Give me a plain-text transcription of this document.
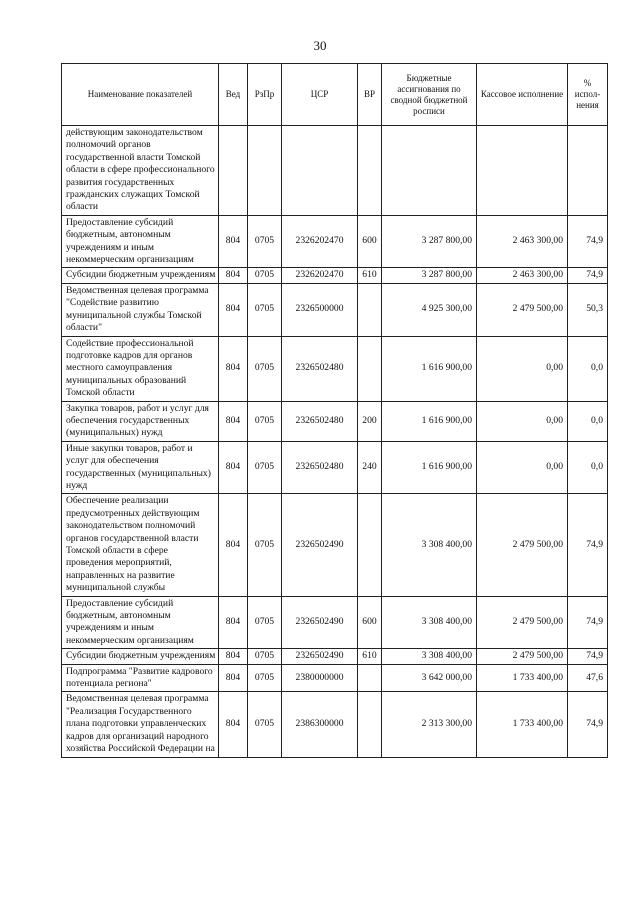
30
Наименование показателей	Вед	РзПр	ЦСР	ВР	Бюджетные ассигнования по сводной бюджетной росписи	Кассовое исполнение	% испол-нения
действующим законодательством полномочий органов государственной власти Томской области в сфере профессионального развития государственных гражданских служащих Томской области							
Предоставление субсидий бюджетным, автономным учреждениям и иным некоммерческим организациям	804	0705	2326202470	600	3 287 800,00	2 463 300,00	74,9
Субсидии бюджетным учреждениям	804	0705	2326202470	610	3 287 800,00	2 463 300,00	74,9
Ведомственная целевая программа "Содействие развитию муниципальной службы Томской области"	804	0705	2326500000		4 925 300,00	2 479 500,00	50,3
Содействие профессиональной подготовке кадров для органов местного самоуправления муниципальных образований Томской области	804	0705	2326502480		1 616 900,00	0,00	0,0
Закупка товаров, работ и услуг для обеспечения государственных (муниципальных) нужд	804	0705	2326502480	200	1 616 900,00	0,00	0,0
Иные закупки товаров, работ и услуг для обеспечения государственных (муниципальных) нужд	804	0705	2326502480	240	1 616 900,00	0,00	0,0
Обеспечение реализации предусмотренных действующим законодательством полномочий органов государственной власти Томской области в сфере проведения мероприятий, направленных на развитие муниципальной службы	804	0705	2326502490		3 308 400,00	2 479 500,00	74,9
Предоставление субсидий бюджетным, автономным учреждениям и иным некоммерческим организациям	804	0705	2326502490	600	3 308 400,00	2 479 500,00	74,9
Субсидии бюджетным учреждениям	804	0705	2326502490	610	3 308 400,00	2 479 500,00	74,9
Подпрограмма "Развитие кадрового потенциала региона"	804	0705	2380000000		3 642 000,00	1 733 400,00	47,6
Ведомственная целевая программа "Реализация Государственного плана подготовки управленческих кадров для организаций народного хозяйства Российской Федерации на	804	0705	2386300000		2 313 300,00	1 733 400,00	74,9
